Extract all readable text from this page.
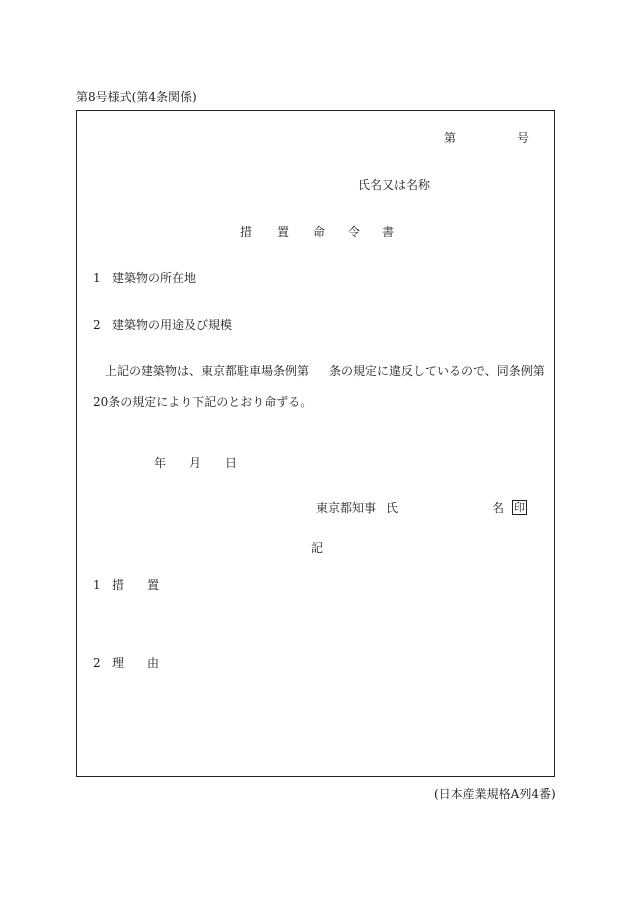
第8号様式(第4条関係)
第	号
氏名又は名称
措 置 命 令 書
1 建築物の所在地
2 建築物の用途及び規模
上記の建築物は、東京都駐車場条例第 条の規定に違反しているので、同条例第
20条の規定により下記のとおり命ずる。
年 月 日
東京都知事 氏	名 印
記
1 措 置
2 理 由
(日本産業規格A列4番)
